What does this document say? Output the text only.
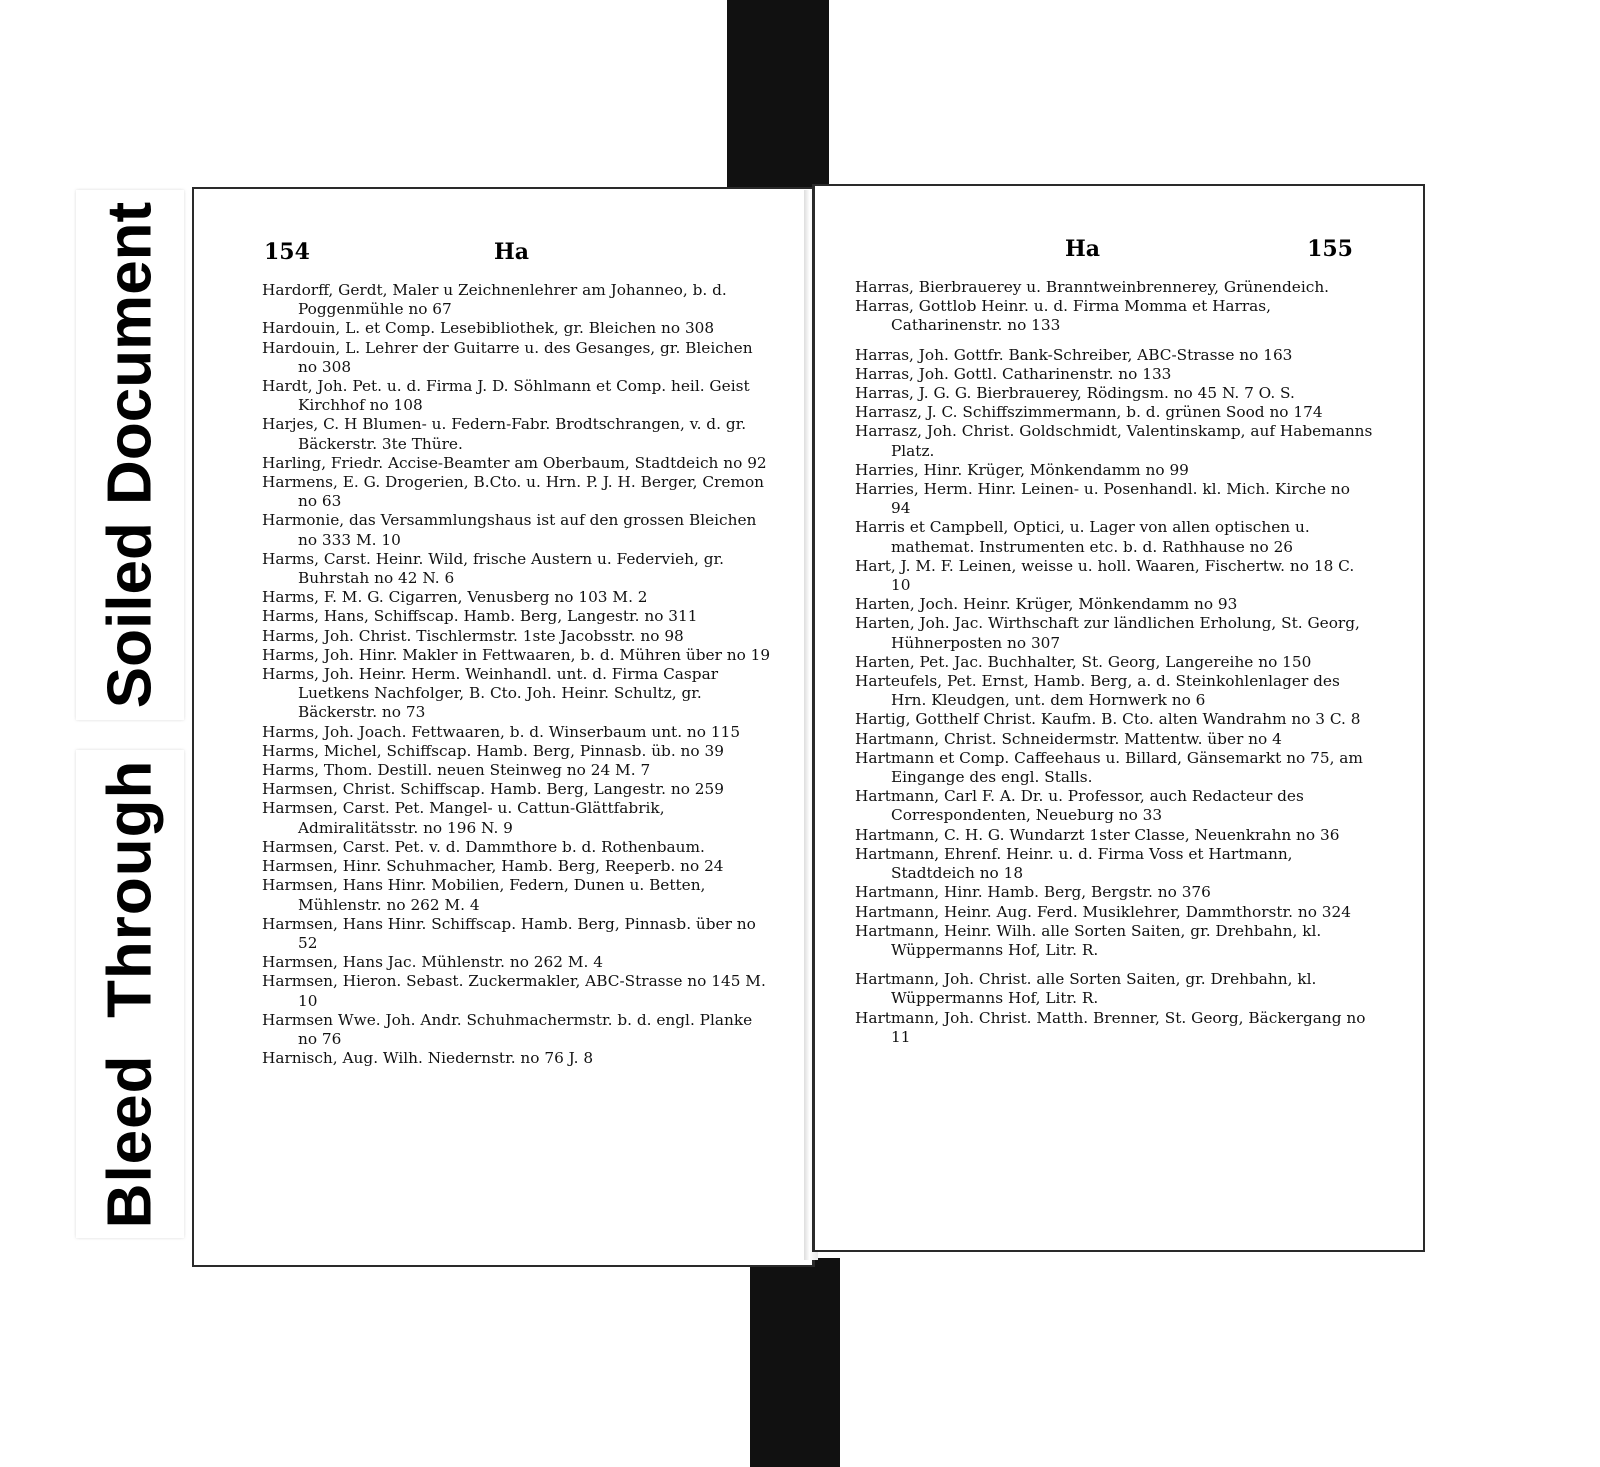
Soiled Document
Bleed  Through
154	Ha

Hardorff, Gerdt, Maler u Zeichnenlehrer am Johanneo, b. d. Poggenmühle no 67

Hardouin, L. et Comp. Lesebibliothek, gr. Bleichen no 308

Hardouin, L. Lehrer der Guitarre u. des Gesanges, gr. Bleichen no 308

Hardt, Joh. Pet. u. d. Firma J. D. Söhlmann et Comp. heil. Geist Kirchhof no 108

Harjes, C. H Blumen- u. Federn-Fabr. Brodtschrangen, v. d. gr. Bäckerstr. 3te Thüre.

Harling, Friedr. Accise-Beamter am Oberbaum, Stadtdeich no 92

Harmens, E. G. Drogerien, B.Cto. u. Hrn. P. J. H. Berger, Cremon no 63

Harmonie, das Versammlungshaus ist auf den grossen Bleichen no 333 M. 10

Harms, Carst. Heinr. Wild, frische Austern u. Federvieh, gr. Buhrstah no 42 N. 6

Harms, F. M. G. Cigarren, Venusberg no 103 M. 2

Harms, Hans, Schiffscap. Hamb. Berg, Langestr. no 311

Harms, Joh. Christ. Tischlermstr. 1ste Jacobsstr. no 98

Harms, Joh. Hinr. Makler in Fettwaaren, b. d. Mühren über no 19

Harms, Joh. Heinr. Herm. Weinhandl. unt. d. Firma Caspar Luetkens Nachfolger, B. Cto. Joh. Heinr. Schultz, gr. Bäckerstr. no 73

Harms, Joh. Joach. Fettwaaren, b. d. Winserbaum unt. no 115

Harms, Michel, Schiffscap. Hamb. Berg, Pinnasb. üb. no 39

Harms, Thom. Destill. neuen Steinweg no 24 M. 7

Harmsen, Christ. Schiffscap. Hamb. Berg, Langestr. no 259

Harmsen, Carst. Pet. Mangel- u. Cattun-Glättfabrik, Admiralitätsstr. no 196 N. 9

Harmsen, Carst. Pet. v. d. Dammthore b. d. Rothenbaum.

Harmsen, Hinr. Schuhmacher, Hamb. Berg, Reeperb. no 24

Harmsen, Hans Hinr. Mobilien, Federn, Dunen u. Betten, Mühlenstr. no 262 M. 4

Harmsen, Hans Hinr. Schiffscap. Hamb. Berg, Pinnasb. über no 52

Harmsen, Hans Jac. Mühlenstr. no 262 M. 4

Harmsen, Hieron. Sebast. Zuckermakler, ABC-Strasse no 145 M. 10

Harmsen Wwe. Joh. Andr. Schuhmachermstr. b. d. engl. Planke no 76

Harnisch, Aug. Wilh. Niedernstr. no 76 J. 8

Ha	155

Harras, Bierbrauerey u. Branntweinbrennerey, Grünendeich.

Harras, Gottlob Heinr. u. d. Firma Momma et Harras, Catharinenstr. no 133

Harras, Joh. Gottfr. Bank-Schreiber, ABC-Strasse no 163

Harras, Joh. Gottl. Catharinenstr. no 133

Harras, J. G. G. Bierbrauerey, Rödingsm. no 45 N. 7 O. S.

Harrasz, J. C. Schiffszimmermann, b. d. grünen Sood no 174

Harrasz, Joh. Christ. Goldschmidt, Valentinskamp, auf Habemanns Platz.

Harries, Hinr. Krüger, Mönkendamm no 99

Harries, Herm. Hinr. Leinen- u. Posenhandl. kl. Mich. Kirche no 94

Harris et Campbell, Optici, u. Lager von allen optischen u. mathemat. Instrumenten etc. b. d. Rathhause no 26

Hart, J. M. F. Leinen, weisse u. holl. Waaren, Fischertw. no 18 C. 10

Harten, Joch. Heinr. Krüger, Mönkendamm no 93

Harten, Joh. Jac. Wirthschaft zur ländlichen Erholung, St. Georg, Hühnerposten no 307

Harten, Pet. Jac. Buchhalter, St. Georg, Langereihe no 150

Harteufels, Pet. Ernst, Hamb. Berg, a. d. Steinkohlenlager des Hrn. Kleudgen, unt. dem Hornwerk no 6

Hartig, Gotthelf Christ. Kaufm. B. Cto. alten Wandrahm no 3 C. 8

Hartmann, Christ. Schneidermstr. Mattentw. über no 4

Hartmann et Comp. Caffeehaus u. Billard, Gänsemarkt no 75, am Eingange des engl. Stalls.

Hartmann, Carl F. A. Dr. u. Professor, auch Redacteur des Correspondenten, Neueburg no 33

Hartmann, C. H. G. Wundarzt 1ster Classe, Neuenkrahn no 36

Hartmann, Ehrenf. Heinr. u. d. Firma Voss et Hartmann, Stadtdeich no 18

Hartmann, Hinr. Hamb. Berg, Bergstr. no 376

Hartmann, Heinr. Aug. Ferd. Musiklehrer, Dammthorstr. no 324

Hartmann, Heinr. Wilh. alle Sorten Saiten, gr. Drehbahn, kl. Wüppermanns Hof, Litr. R.

Hartmann, Joh. Christ. alle Sorten Saiten, gr. Drehbahn, kl. Wüppermanns Hof, Litr. R.

Hartmann, Joh. Christ. Matth. Brenner, St. Georg, Bäckergang no 11
